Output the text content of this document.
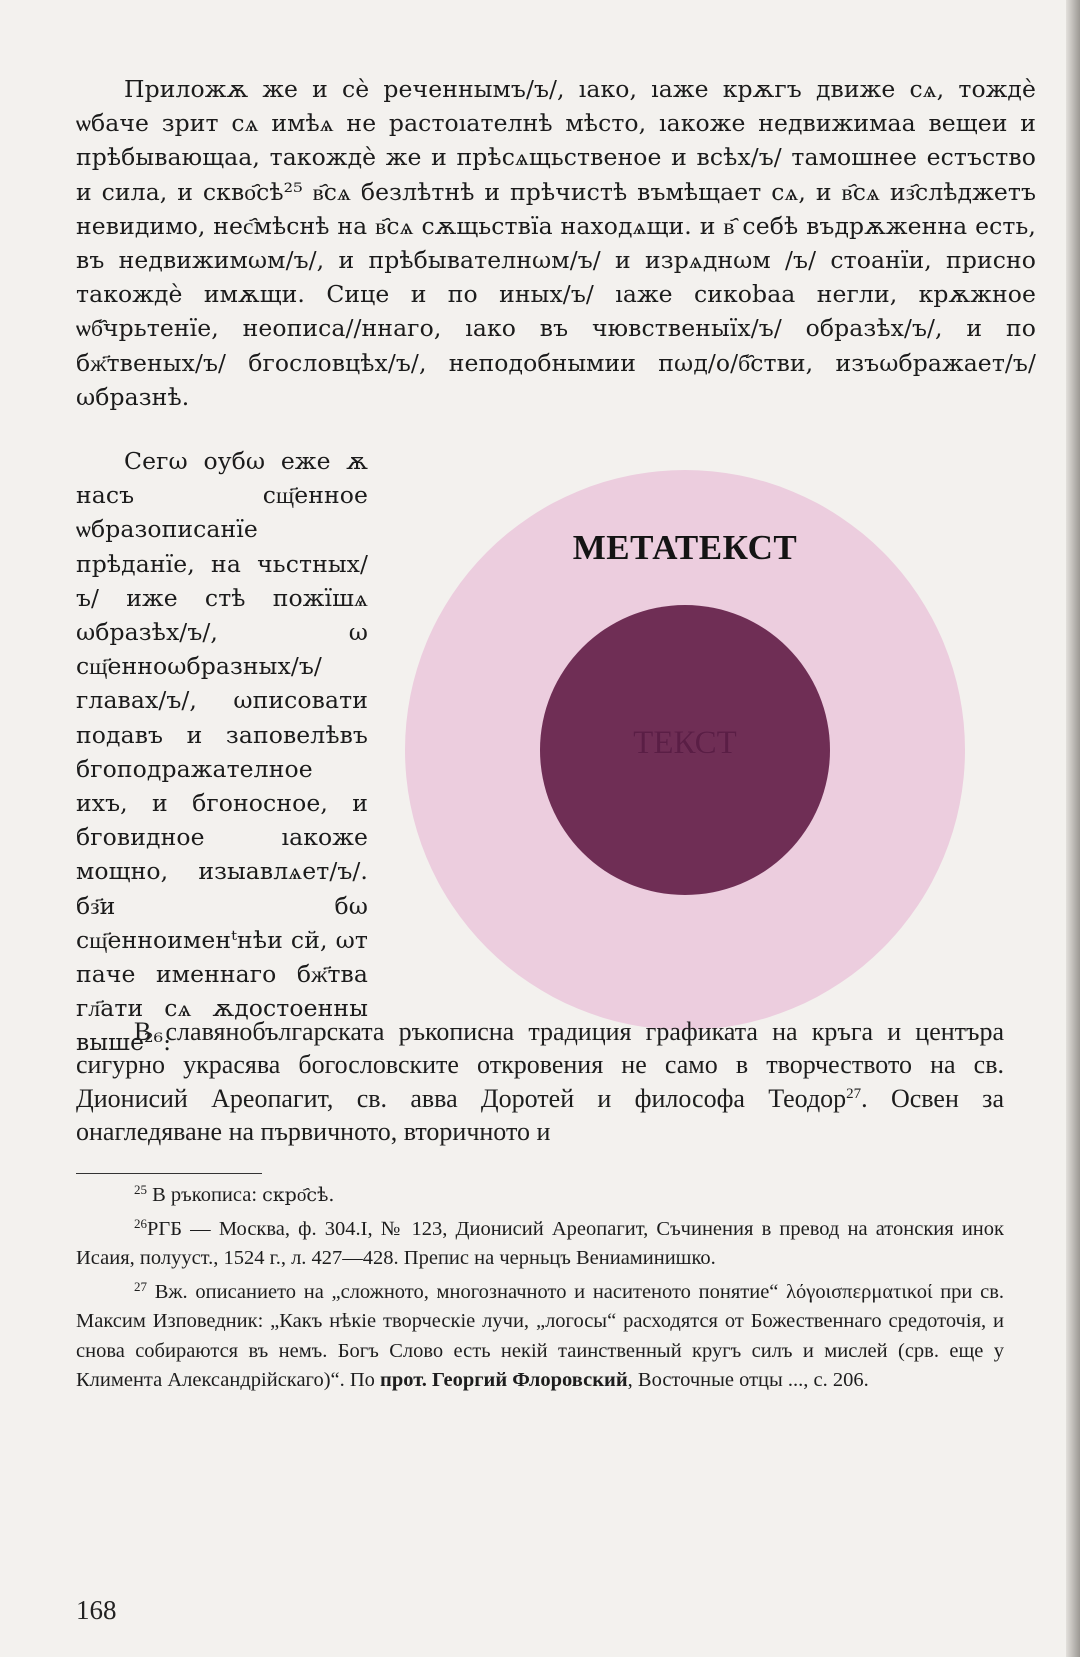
Приложѫ же и сѐ реченнымъ/ъ/, ıако, ıаже крѫгъ движе сѧ, тождѐ ѡбаче зрит сѧ имѣѧ не растоıателнѣ мѣсто, ıакоже недвижимаа вещеи и прѣбывающаа, такождѐ же и прѣсѧщьственое и всѣх/ъ/ тамошнее естъство и сила, и скво҄сѣ²⁵ в҄сѧ безлѣтнѣ и прѣчистѣ въмѣщает сѧ, и в҄сѧ из҄слѣджетъ невидимо, нес҄мѣснѣ на в҄сѧ сѫщьствїа находѧщи. и в҄ себѣ въдрѫженна есть, въ недвижимωм/ъ/, и прѣбывателнωм/ъ/ и изрѧднωм /ъ/ стоанїи, присно такождѐ имѫщи. Сице и по иных/ъ/ ıаже сикоbаа негли, крѫжное ѡб҄чрьтенїе, неописа//ннаго, ıако въ чювственыїх/ъ/ образѣх/ъ/, и по бж҃твеных/ъ/ бгословцѣх/ъ/, неподобнымии пωд/о/б҄стви, изъωбражает/ъ/ ωбразнѣ.

Сегω оубω еже ѫ насъ сщ҃енное ѡбразописанїе прѣданїе, на чьстных/ъ/ иже стѣ пожїшѧ ωбразѣх/ъ/, ω сщ҃енноωбразных/ъ/ главах/ъ/, ωписовати подавъ и заповелѣвъ бгоподражателное ихъ, и бгоносное, и бговидное ıакоже мощно, изыавлѧет/ъ/. бз҃и бω сщ҃енноименᵗнѣи сй, ωт паче именнаго бж҃тва гл҃ати сѧ ѫдостоенны выше²⁶:

МЕТАТЕКСТ
ТЕКСТ

В славянобългарската ръкописна традиция графиката на кръга и центъра сигурно украсява богословските откровения не само в творчеството на св. Дионисий Ареопагит, св. авва Доротей и философа Теодор$^{27}$. Освен за онагледяване на първичното, вторичното и

$^{25}$ В ръкописа: скро҄сѣ.

$^{26}$РГБ — Москва, ф. 304.I, № 123, Дионисий Ареопагит, Съчинения в превод на атонския инок Исаия, полууст., 1524 г., л. 427—428. Препис на черньцъ Вениаминишко.

$^{27}$ Вж. описанието на „сложното, многозначното и наситеното понятие“ λόγοισπερματικοί при св. Максим Изповедник: „Какъ нѣкіе творческіе лучи, „логосы“ расходятся от Божественнаго средоточія, и снова собираются въ немъ. Богъ Слово есть некій таинственный кругъ силъ и мислей (срв. еще у Климента Александрійскаго)“. По прот. Георгий Флоровский, Восточные отцы ..., с. 206.

168
